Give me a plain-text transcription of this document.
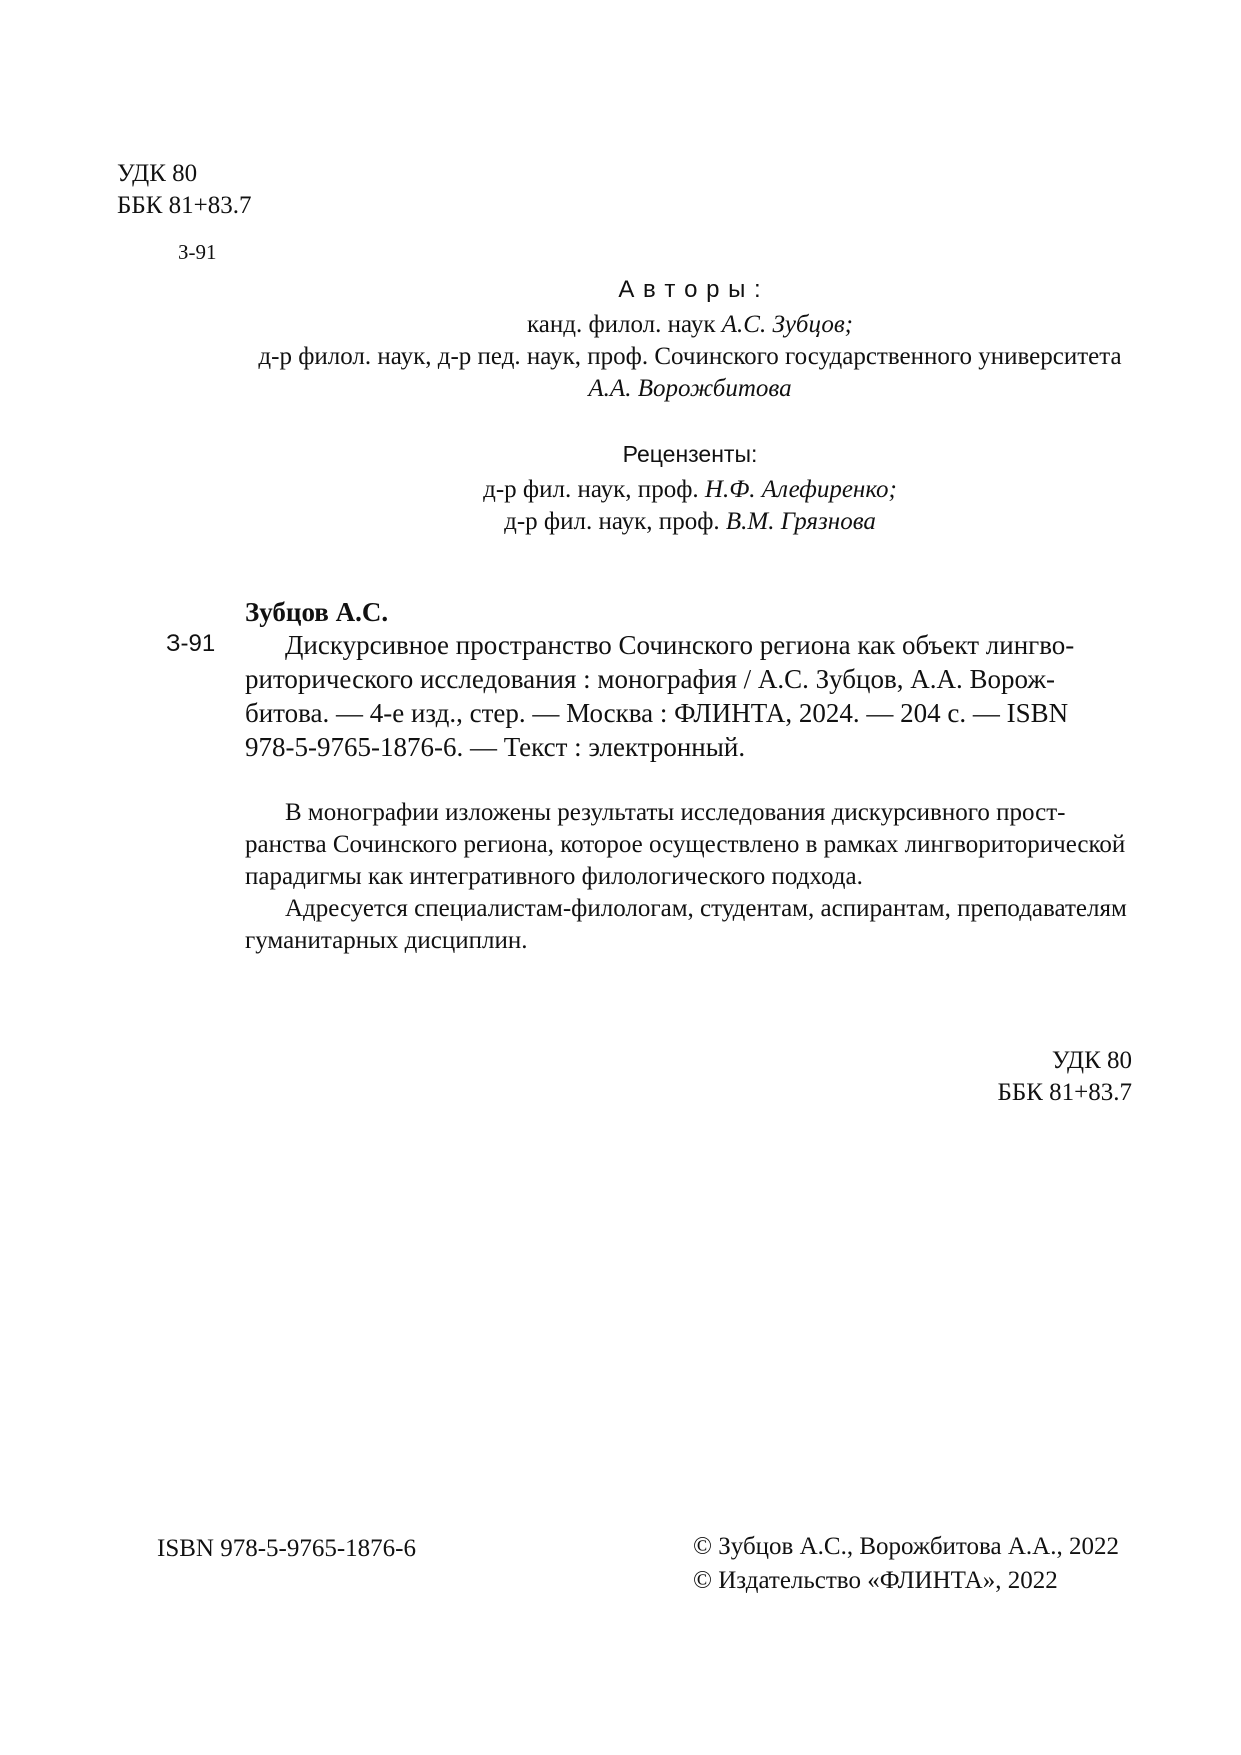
УДК 80
ББК 81+83.7
З-91
А в т о р ы :
канд. филол. наук А.С. Зубцов;
д-р филол. наук, д-р пед. наук, проф. Сочинского государственного университета
А.А. Ворожбитова
Рецензенты:
д-р фил. наук, проф. Н.Ф. Алефиренко;
д-р фил. наук, проф. В.М. Грязнова
Зубцов А.С.
З-91	Дискурсивное пространство Сочинского региона как объект лингво-
риторического исследования : монография / А.С. Зубцов, А.А. Ворож-
битова. — 4-е изд., стер. — Москва : ФЛИНТА, 2024. — 204 с. — ISBN
978-5-9765-1876-6. — Текст : электронный.
В монографии изложены результаты исследования дискурсивного прост-
ранства Сочинского региона, которое осуществлено в рамках лингвориторической
парадигмы как интегративного филологического подхода.
Адресуется специалистам-филологам, студентам, аспирантам, преподавателям
гуманитарных дисциплин.
УДК 80
ББК 81+83.7
ISBN 978-5-9765-1876-6	© Зубцов А.С., Ворожбитова А.А., 2022
© Издательство «ФЛИНТА», 2022
